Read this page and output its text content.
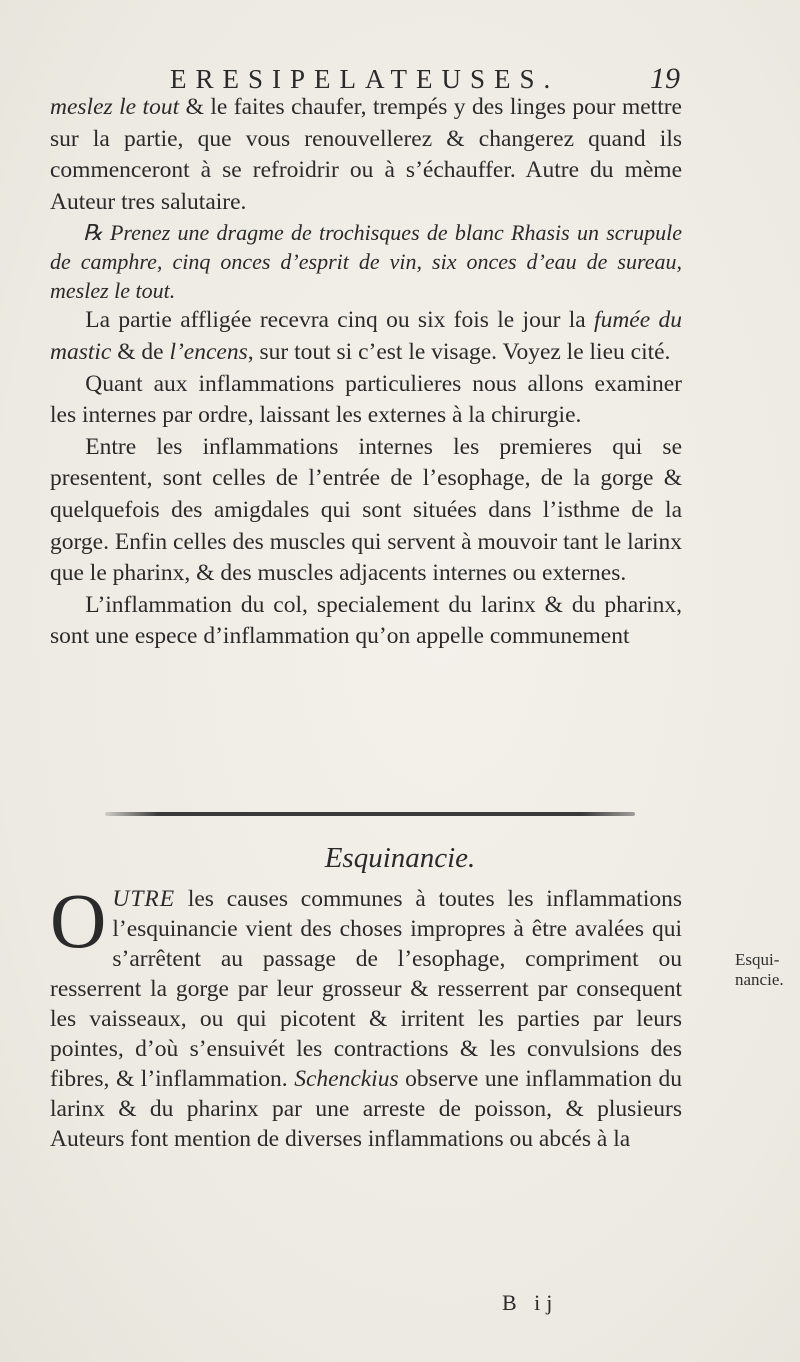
ERESIPELATEUSES.	19

meslez le tout & le faites chaufer, trempés y des linges pour mettre sur la partie, que vous renouvellerez & changerez quand ils commenceront à se refroidrir ou à s’échauffer. Autre du mème Auteur tres salutaire.

℞ Prenez une dragme de trochisques de blanc Rhasis un scrupule de camphre, cinq onces d’esprit de vin, six onces d’eau de sureau, meslez le tout.

La partie affligée recevra cinq ou six fois le jour la fumée du mastic & de l’encens, sur tout si c’est le visage. Voyez le lieu cité.

Quant aux inflammations particulieres nous allons examiner les internes par ordre, laissant les externes à la chirurgie.

Entre les inflammations internes les premieres qui se presentent, sont celles de l’entrée de l’esophage, de la gorge & quelquefois des amigdales qui sont situées dans l’isthme de la gorge. Enfin celles des muscles qui servent à mouvoir tant le larinx que le pharinx, & des muscles adjacents internes ou externes.

L’inflammation du col, specialement du larinx & du pharinx, sont une espece d’inflammation qu’on appelle communement

Esquinancie.
OUTRE les causes communes à toutes les inflammations l’esquinancie vient des choses impropres à être avalées qui s’arrêtent au passage de l’esophage, compriment ou resserrent la gorge par leur grosseur & resserrent par consequent les vaisseaux, ou qui picotent & irritent les parties par leurs pointes, d’où s’ensuivét les contractions & les convulsions des fibres, & l’inflammation. Schenckius observe une inflammation du larinx & du pharinx par une arreste de poisson, & plusieurs Auteurs font mention de diverses inflammations ou abcés à la
Esqui- nancie.
B ij
